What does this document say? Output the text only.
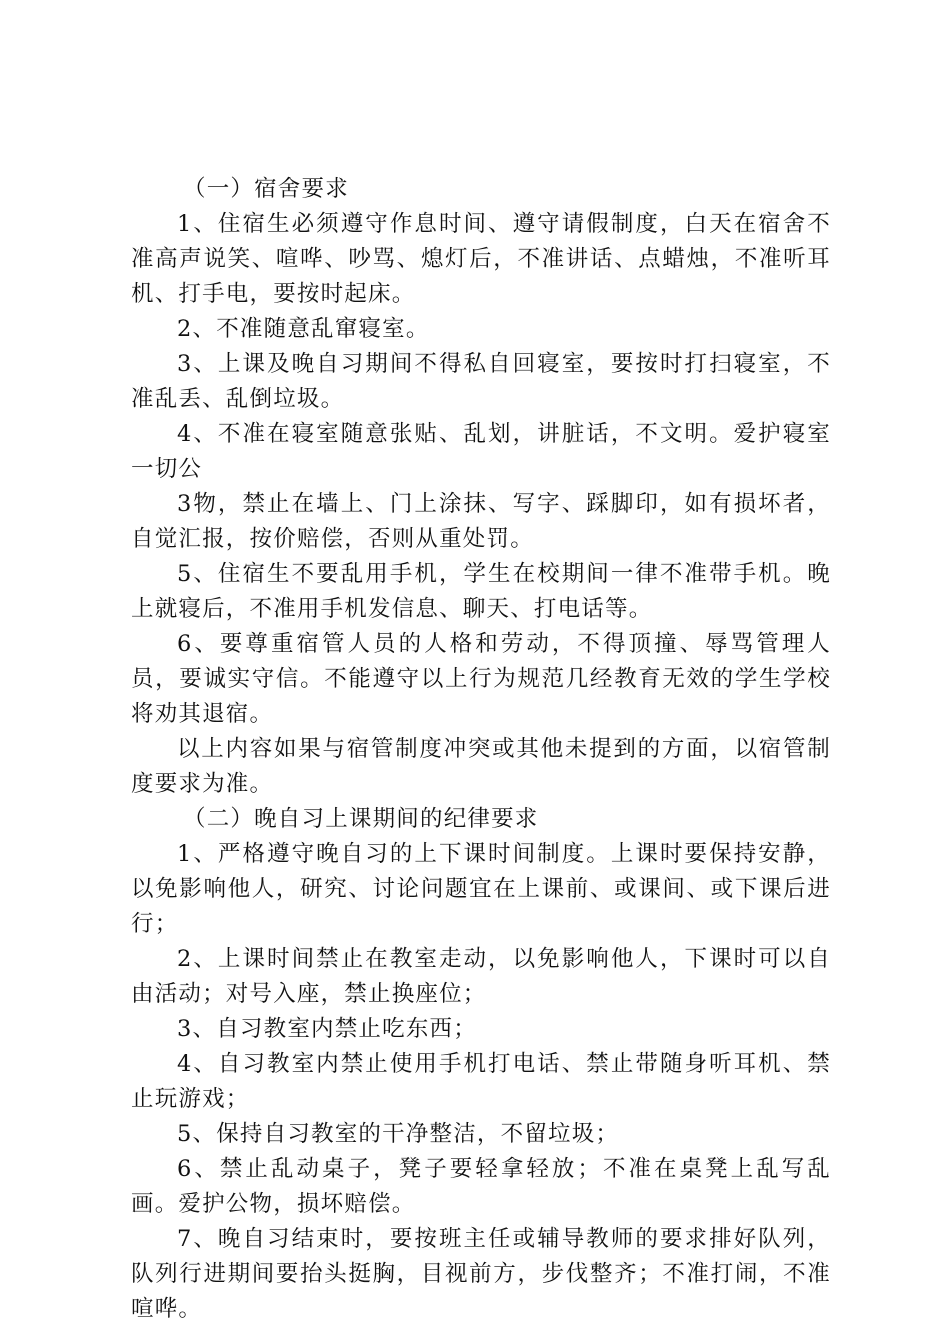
（一）宿舍要求

1、住宿生必须遵守作息时间、遵守请假制度，白天在宿舍不准高声说笑、喧哗、吵骂、熄灯后，不准讲话、点蜡烛，不准听耳机、打手电，要按时起床。

2、不准随意乱窜寝室。

3、上课及晚自习期间不得私自回寝室，要按时打扫寝室，不准乱丢、乱倒垃圾。

4、不准在寝室随意张贴、乱划，讲脏话，不文明。爱护寝室一切公

3物，禁止在墙上、门上涂抹、写字、踩脚印，如有损坏者，自觉汇报，按价赔偿，否则从重处罚。

5、住宿生不要乱用手机，学生在校期间一律不准带手机。晚上就寝后，不准用手机发信息、聊天、打电话等。

6、要尊重宿管人员的人格和劳动，不得顶撞、辱骂管理人员，要诚实守信。不能遵守以上行为规范几经教育无效的学生学校将劝其退宿。

以上内容如果与宿管制度冲突或其他未提到的方面，以宿管制度要求为准。

（二）晚自习上课期间的纪律要求

1、严格遵守晚自习的上下课时间制度。上课时要保持安静，以免影响他人，研究、讨论问题宜在上课前、或课间、或下课后进行；

2、上课时间禁止在教室走动，以免影响他人，下课时可以自由活动；对号入座，禁止换座位；

3、自习教室内禁止吃东西；

4、自习教室内禁止使用手机打电话、禁止带随身听耳机、禁止玩游戏；

5、保持自习教室的干净整洁，不留垃圾；

6、禁止乱动桌子，凳子要轻拿轻放；不准在桌凳上乱写乱画。爱护公物，损坏赔偿。

7、晚自习结束时，要按班主任或辅导教师的要求排好队列，队列行进期间要抬头挺胸，目视前方，步伐整齐；不准打闹，不准喧哗。
